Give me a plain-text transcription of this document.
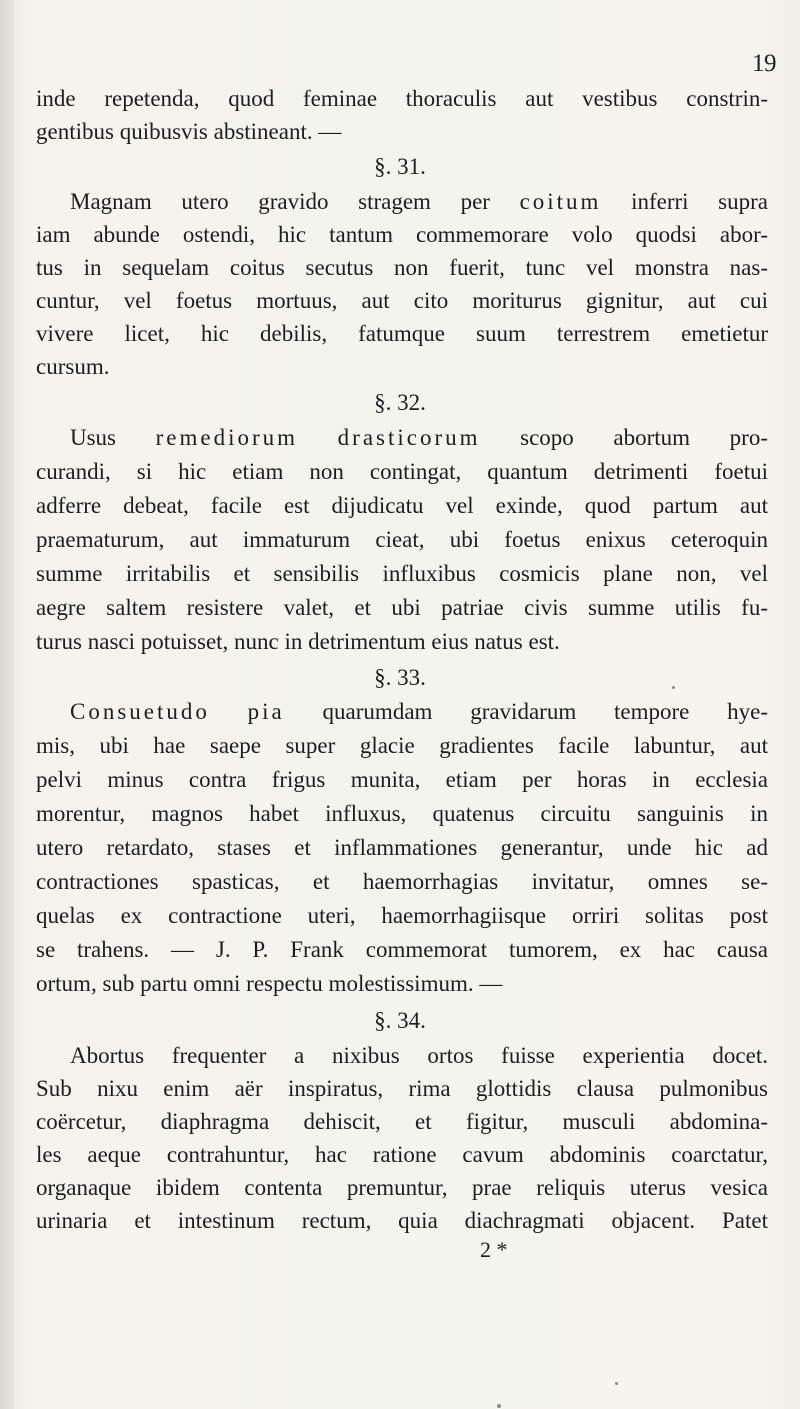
19
inde repetenda, quod feminae thoraculis aut vestibus constrin-
gentibus quibusvis abstineant. —
§. 31.
Magnam utero gravido stragem per coitum inferri supra
iam abunde ostendi, hic tantum commemorare volo quodsi abor-
tus in sequelam coitus secutus non fuerit, tunc vel monstra nas-
cuntur, vel foetus mortuus, aut cito moriturus gignitur, aut cui
vivere licet, hic debilis, fatumque suum terrestrem emetietur
cursum.
§. 32.
Usus remediorum drasticorum scopo abortum pro-
curandi, si hic etiam non contingat, quantum detrimenti foetui
adferre debeat, facile est dijudicatu vel exinde, quod partum aut
praematurum, aut immaturum cieat, ubi foetus enixus ceteroquin
summe irritabilis et sensibilis influxibus cosmicis plane non, vel
aegre saltem resistere valet, et ubi patriae civis summe utilis fu-
turus nasci potuisset, nunc in detrimentum eius natus est.
§. 33.
Consuetudo pia quarumdam gravidarum tempore hye-
mis, ubi hae saepe super glacie gradientes facile labuntur, aut
pelvi minus contra frigus munita, etiam per horas in ecclesia
morentur, magnos habet influxus, quatenus circuitu sanguinis in
utero retardato, stases et inflammationes generantur, unde hic ad
contractiones spasticas, et haemorrhagias invitatur, omnes se-
quelas ex contractione uteri, haemorrhagiisque orriri solitas post
se trahens. — J. P. Frank commemorat tumorem, ex hac causa
ortum, sub partu omni respectu molestissimum. —
§. 34.
Abortus frequenter a nixibus ortos fuisse experientia docet.
Sub nixu enim aër inspiratus, rima glottidis clausa pulmonibus
coërcetur, diaphragma dehiscit, et figitur, musculi abdomina-
les aeque contrahuntur, hac ratione cavum abdominis coarctatur,
organaque ibidem contenta premuntur, prae reliquis uterus vesica
urinaria et intestinum rectum, quia diachragmati objacent. Patet
2 *
